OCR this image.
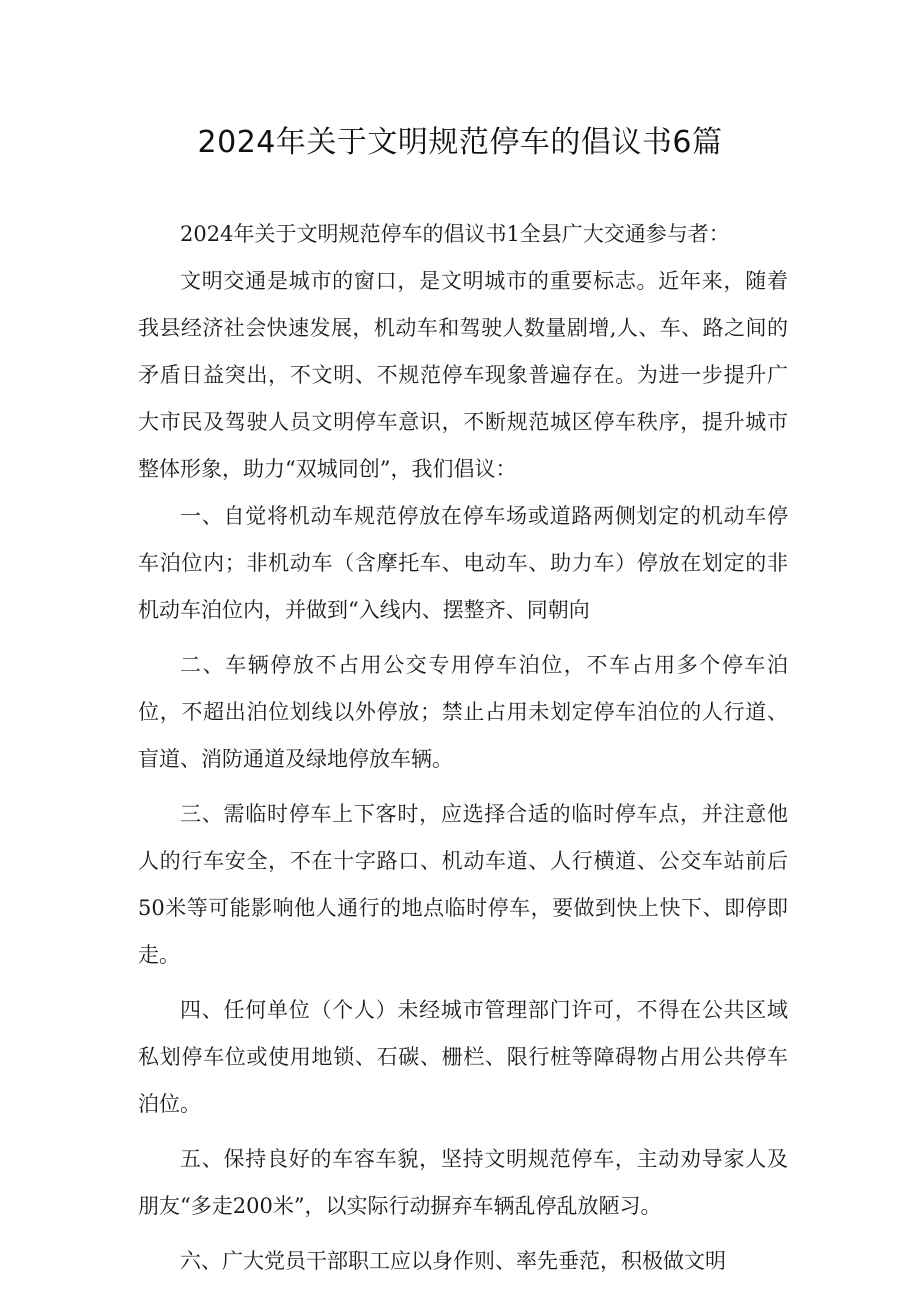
2024年关于文明规范停车的倡议书6篇

2024年关于文明规范停车的倡议书1全县广大交通参与者：

文明交通是城市的窗口，是文明城市的重要标志。近年来，随着我县经济社会快速发展，机动车和驾驶人数量剧增,人、车、路之间的矛盾日益突出，不文明、不规范停车现象普遍存在。为进一步提升广大市民及驾驶人员文明停车意识，不断规范城区停车秩序，提升城市整体形象，助力“双城同创”，我们倡议：

一、自觉将机动车规范停放在停车场或道路两侧划定的机动车停车泊位内；非机动车（含摩托车、电动车、助力车）停放在划定的非机动车泊位内，并做到“入线内、摆整齐、同朝向

二、车辆停放不占用公交专用停车泊位，不车占用多个停车泊位，不超出泊位划线以外停放；禁止占用未划定停车泊位的人行道、盲道、消防通道及绿地停放车辆。

三、需临时停车上下客时，应选择合适的临时停车点，并注意他人的行车安全，不在十字路口、机动车道、人行横道、公交车站前后50米等可能影响他人通行的地点临时停车，要做到快上快下、即停即走。

四、任何单位（个人）未经城市管理部门许可，不得在公共区域私划停车位或使用地锁、石碳、栅栏、限行桩等障碍物占用公共停车泊位。

五、保持良好的车容车貌，坚持文明规范停车，主动劝导家人及朋友“多走200米”，以实际行动摒弃车辆乱停乱放陋习。

六、广大党员干部职工应以身作则、率先垂范，积极做文明
